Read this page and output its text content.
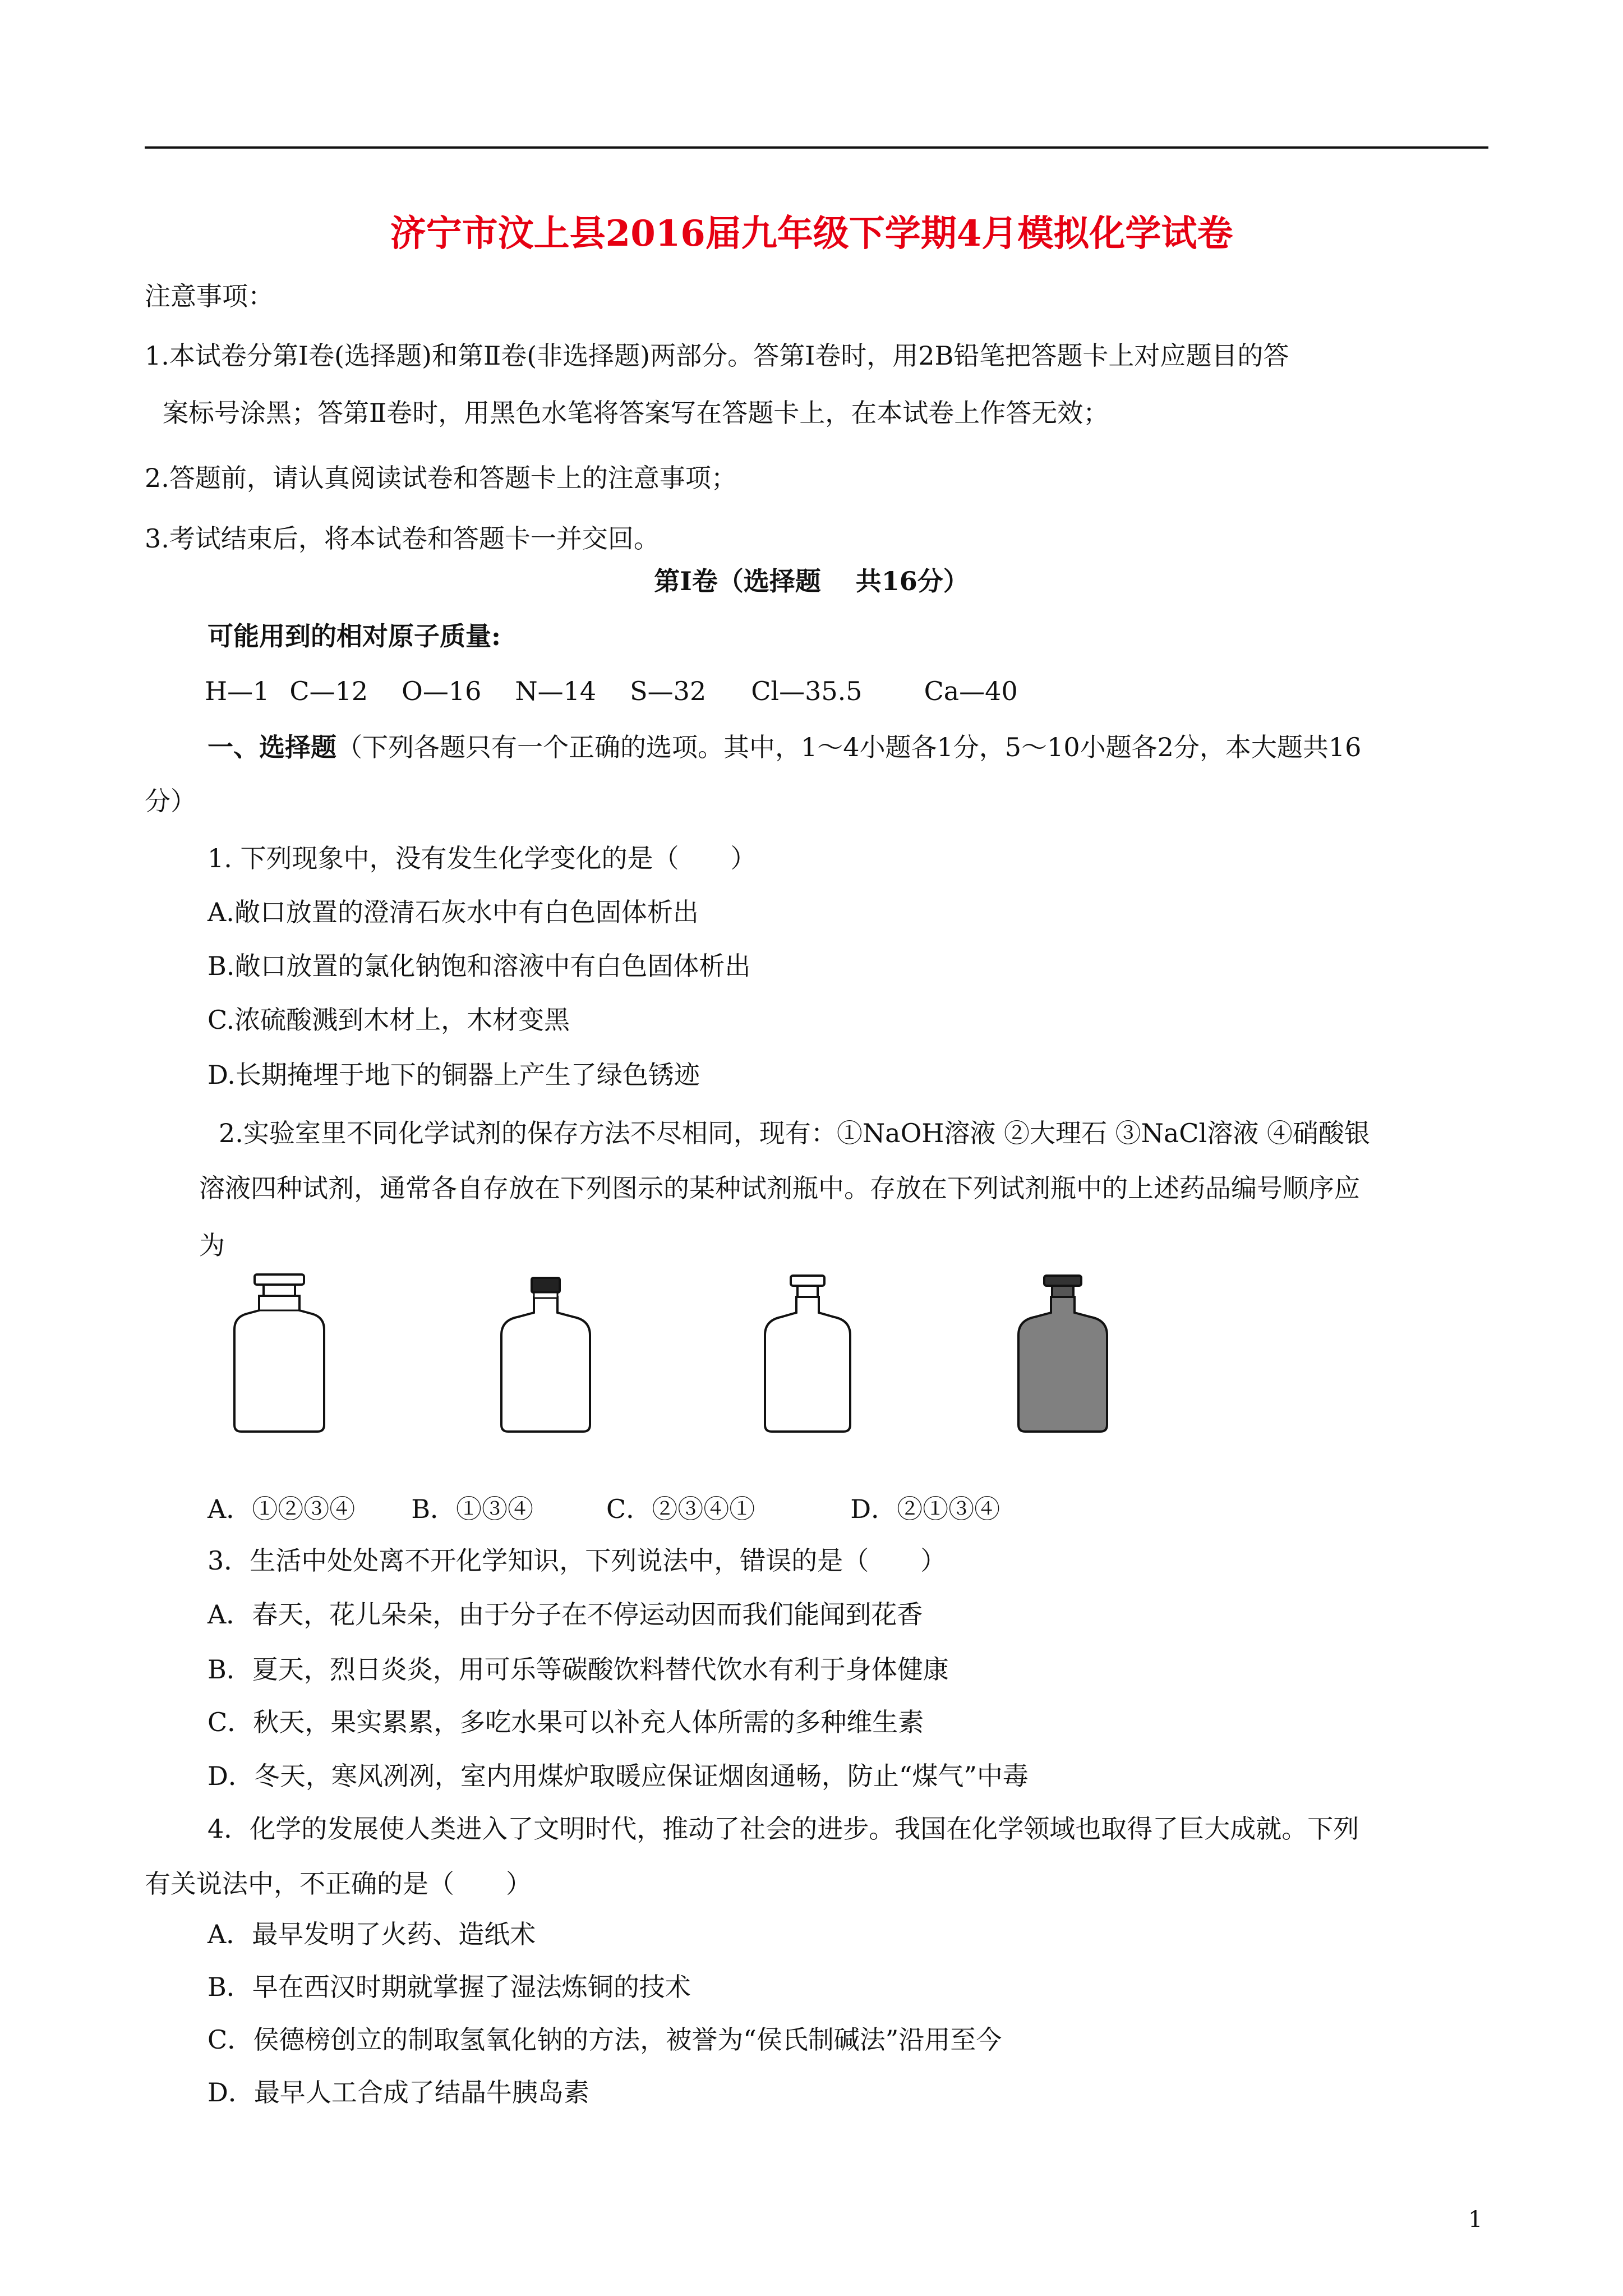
济宁市汶上县2016届九年级下学期4月模拟化学试卷
注意事项：
1.本试卷分第Ⅰ卷(选择题)和第Ⅱ卷(非选择题)两部分。答第Ⅰ卷时，用2B铅笔把答题卡上对应题目的答
案标号涂黑；答第Ⅱ卷时，用黑色水笔将答案写在答题卡上，在本试卷上作答无效；
2.答题前，请认真阅读试卷和答题卡上的注意事项；
3.考试结束后，将本试卷和答题卡一并交回。
第Ⅰ卷（选择题　 共16分）
可能用到的相对原子质量:
H—1 C—12 O—16 N—14 S—32 Cl—35.5 Ca—40
一、选择题（下列各题只有一个正确的选项。其中，1～4小题各1分，5～10小题各2分，本大题共16
分）
1. 下列现象中，没有发生化学变化的是（　　）
A.敞口放置的澄清石灰水中有白色固体析出
B.敞口放置的氯化钠饱和溶液中有白色固体析出
C.浓硫酸溅到木材上，木材变黑
D.长期掩埋于地下的铜器上产生了绿色锈迹
2.实验室里不同化学试剂的保存方法不尽相同，现有：①NaOH溶液 ②大理石 ③NaCl溶液 ④硝酸银
溶液四种试剂，通常各自存放在下列图示的某种试剂瓶中。存放在下列试剂瓶中的上述药品编号顺序应
为
A．①②③④ B．①③④	C．②③④①	D．②①③④
3．生活中处处离不开化学知识，下列说法中，错误的是（　　）
A．春天，花儿朵朵，由于分子在不停运动因而我们能闻到花香
B．夏天，烈日炎炎，用可乐等碳酸饮料替代饮水有利于身体健康
C．秋天，果实累累，多吃水果可以补充人体所需的多种维生素
D．冬天，寒风冽冽，室内用煤炉取暖应保证烟囱通畅，防止“煤气”中毒
4．化学的发展使人类进入了文明时代，推动了社会的进步。我国在化学领域也取得了巨大成就。下列
有关说法中，不正确的是（　　）
A．最早发明了火药、造纸术
B．早在西汉时期就掌握了湿法炼铜的技术
C．侯德榜创立的制取氢氧化钠的方法，被誉为“侯氏制碱法”沿用至今
D．最早人工合成了结晶牛胰岛素
1
